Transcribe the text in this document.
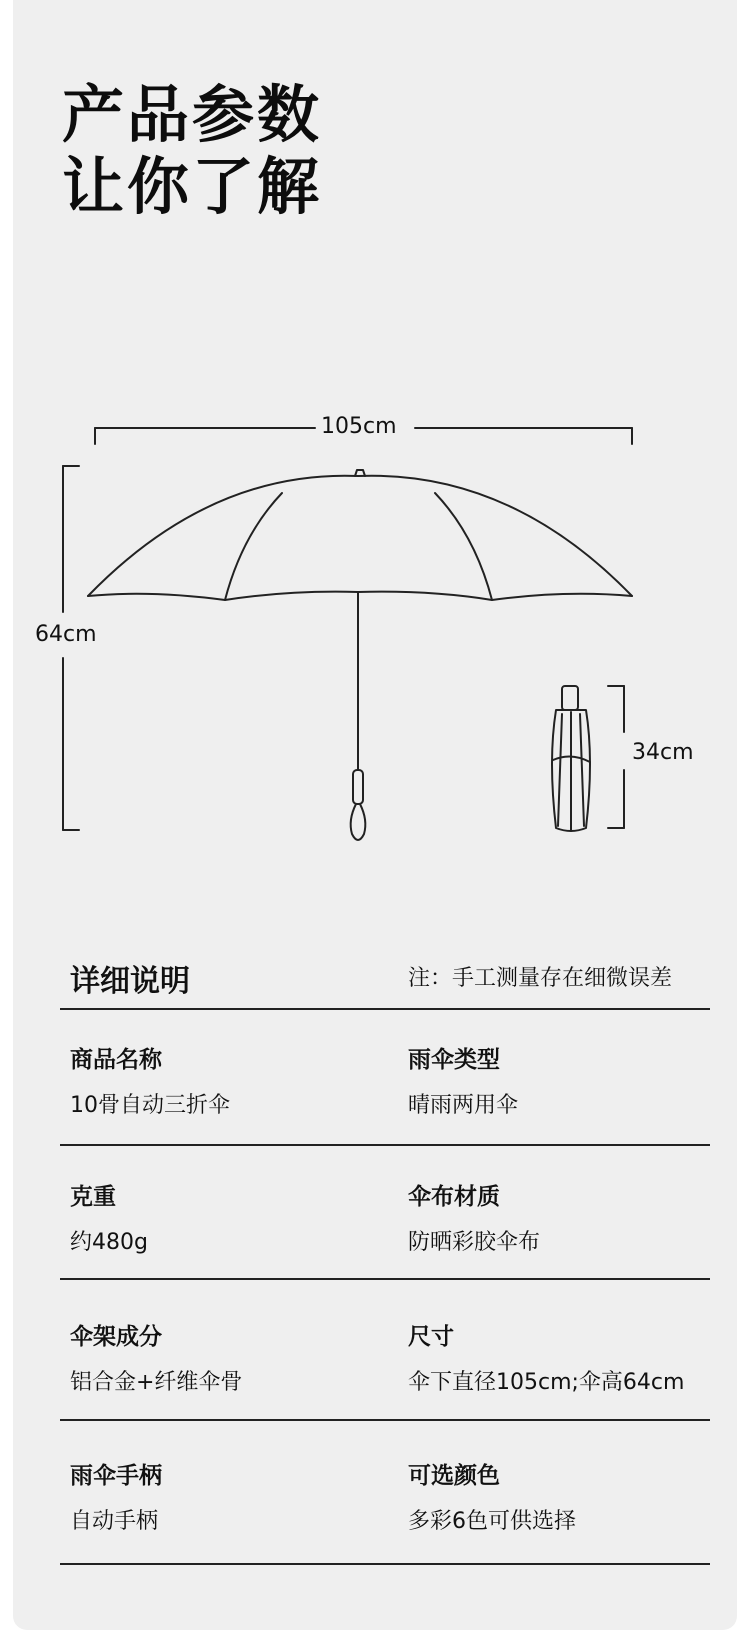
产品参数
让你了解
105cm
64cm
34cm
详细说明	注：手工测量存在细微误差
商品名称
10骨自动三折伞
雨伞类型
晴雨两用伞
克重
约480g
伞布材质
防晒彩胶伞布
伞架成分
铝合金+纤维伞骨
尺寸
伞下直径105cm;伞高64cm
雨伞手柄
自动手柄
可选颜色
多彩6色可供选择
